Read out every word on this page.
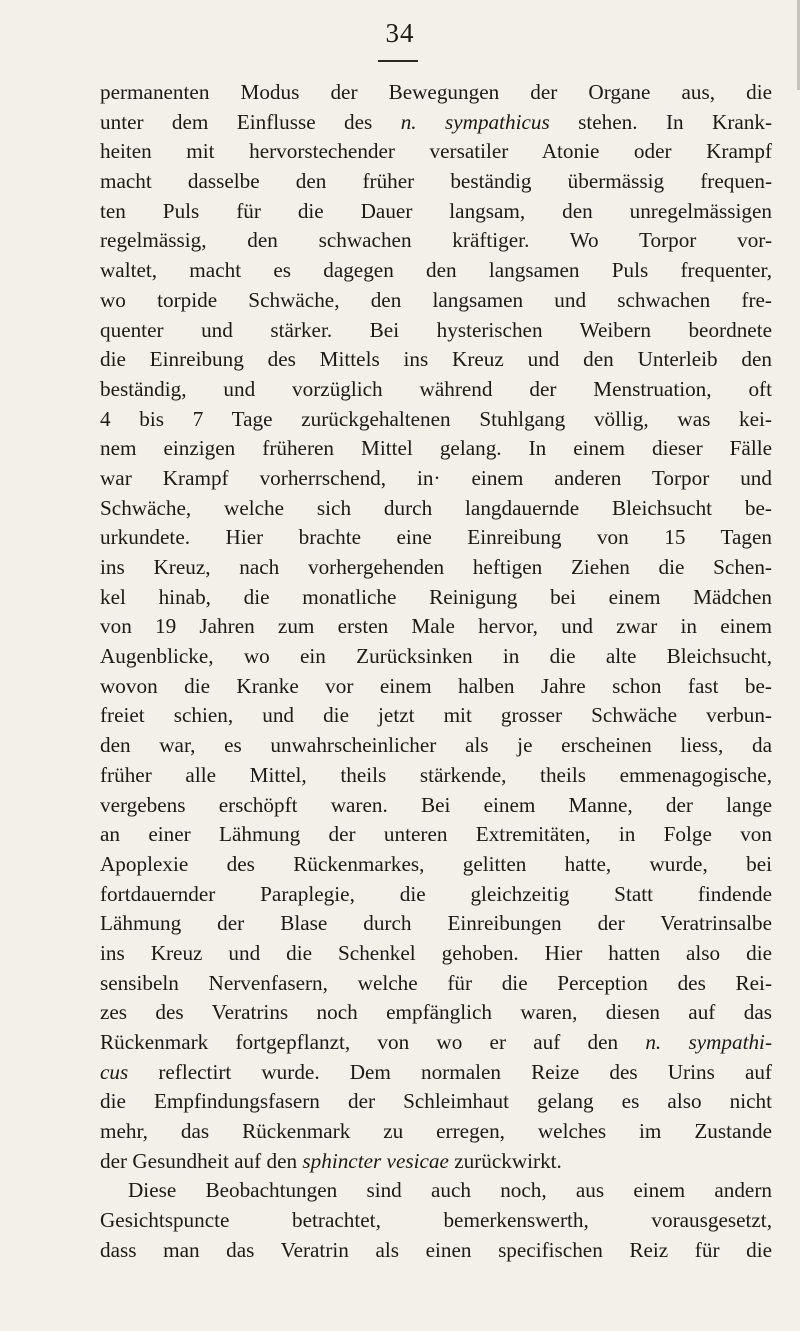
34
permanenten Modus der Bewegungen der Organe aus, die
unter dem Einflusse des n. sympathicus stehen. In Krank-
heiten mit hervorstechender versatiler Atonie oder Krampf
macht dasselbe den früher beständig übermässig frequen-
ten Puls für die Dauer langsam, den unregelmässigen
regelmässig, den schwachen kräftiger. Wo Torpor vor-
waltet, macht es dagegen den langsamen Puls frequenter,
wo torpide Schwäche, den langsamen und schwachen fre-
quenter und stärker. Bei hysterischen Weibern beordnete
die Einreibung des Mittels ins Kreuz und den Unterleib den
beständig, und vorzüglich während der Menstruation, oft
4 bis 7 Tage zurückgehaltenen Stuhlgang völlig, was kei-
nem einzigen früheren Mittel gelang. In einem dieser Fälle
war Krampf vorherrschend, in· einem anderen Torpor und
Schwäche, welche sich durch langdauernde Bleichsucht be-
urkundete. Hier brachte eine Einreibung von 15 Tagen
ins Kreuz, nach vorhergehenden heftigen Ziehen die Schen-
kel hinab, die monatliche Reinigung bei einem Mädchen
von 19 Jahren zum ersten Male hervor, und zwar in einem
Augenblicke, wo ein Zurücksinken in die alte Bleichsucht,
wovon die Kranke vor einem halben Jahre schon fast be-
freiet schien, und die jetzt mit grosser Schwäche verbun-
den war, es unwahrscheinlicher als je erscheinen liess, da
früher alle Mittel, theils stärkende, theils emmenagogische,
vergebens erschöpft waren. Bei einem Manne, der lange
an einer Lähmung der unteren Extremitäten, in Folge von
Apoplexie des Rückenmarkes, gelitten hatte, wurde, bei
fortdauernder Paraplegie, die gleichzeitig Statt findende
Lähmung der Blase durch Einreibungen der Veratrinsalbe
ins Kreuz und die Schenkel gehoben. Hier hatten also die
sensibeln Nervenfasern, welche für die Perception des Rei-
zes des Veratrins noch empfänglich waren, diesen auf das
Rückenmark fortgepflanzt, von wo er auf den n. sympathi-
cus reflectirt wurde. Dem normalen Reize des Urins auf
die Empfindungsfasern der Schleimhaut gelang es also nicht
mehr, das Rückenmark zu erregen, welches im Zustande
der Gesundheit auf den sphincter vesicae zurückwirkt.
Diese Beobachtungen sind auch noch, aus einem andern
Gesichtspuncte betrachtet, bemerkenswerth, vorausgesetzt,
dass man das Veratrin als einen specifischen Reiz für die
